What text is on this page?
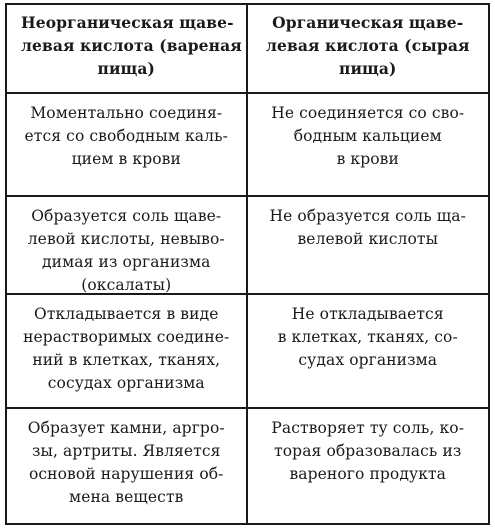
Неорганическая щаве-
левая кислота (вареная
пища)
Органическая щаве-
левая кислота (сырая
пища)
Моментально соединя-
ется со свободным каль-
цием в крови
Не соединяется со сво-
бодным кальцием
в крови
Образуется соль щаве-
левой кислоты, невыво-
димая из организма
(оксалаты)
Не образуется соль ща-
велевой кислоты
Откладывается в виде
нерастворимых соедине-
ний в клетках, тканях,
сосудах организма
Не откладывается
в клетках, тканях, со-
судах организма
Образует камни, аргро-
зы, артриты. Является
основой нарушения об-
мена веществ
Растворяет ту соль, ко-
торая образовалась из
вареного продукта
